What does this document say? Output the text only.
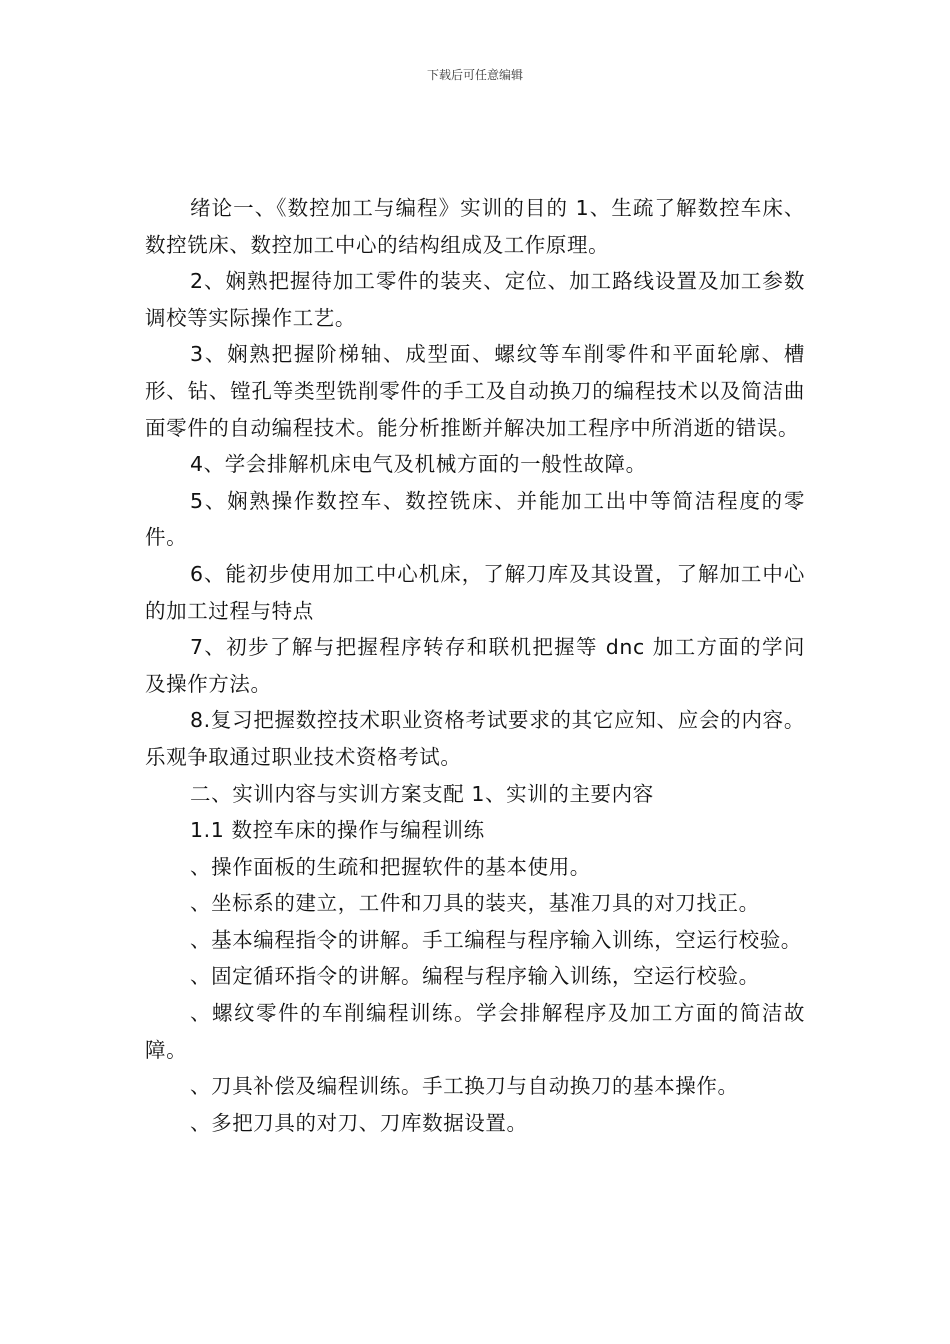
下载后可任意编辑

绪论一、《数控加工与编程》实训的目的 1、生疏了解数控车床、数控铣床、数控加工中心的结构组成及工作原理。

2、娴熟把握待加工零件的装夹、定位、加工路线设置及加工参数调校等实际操作工艺。

3、娴熟把握阶梯轴、成型面、螺纹等车削零件和平面轮廓、槽形、钻、镗孔等类型铣削零件的手工及自动换刀的编程技术以及简洁曲面零件的自动编程技术。能分析推断并解决加工程序中所消逝的错误。

4、学会排解机床电气及机械方面的一般性故障。

5、娴熟操作数控车、数控铣床、并能加工出中等简洁程度的零件。

6、能初步使用加工中心机床，了解刀库及其设置，了解加工中心的加工过程与特点

7、初步了解与把握程序转存和联机把握等 dnc 加工方面的学问及操作方法。

8.复习把握数控技术职业资格考试要求的其它应知、应会的内容。乐观争取通过职业技术资格考试。

二、实训内容与实训方案支配 1、实训的主要内容

1.1 数控车床的操作与编程训练

、操作面板的生疏和把握软件的基本使用。

、坐标系的建立，工件和刀具的装夹，基准刀具的对刀找正。

、基本编程指令的讲解。手工编程与程序输入训练，空运行校验。

、固定循环指令的讲解。编程与程序输入训练，空运行校验。

、螺纹零件的车削编程训练。学会排解程序及加工方面的简洁故障。

、刀具补偿及编程训练。手工换刀与自动换刀的基本操作。

、多把刀具的对刀、刀库数据设置。
